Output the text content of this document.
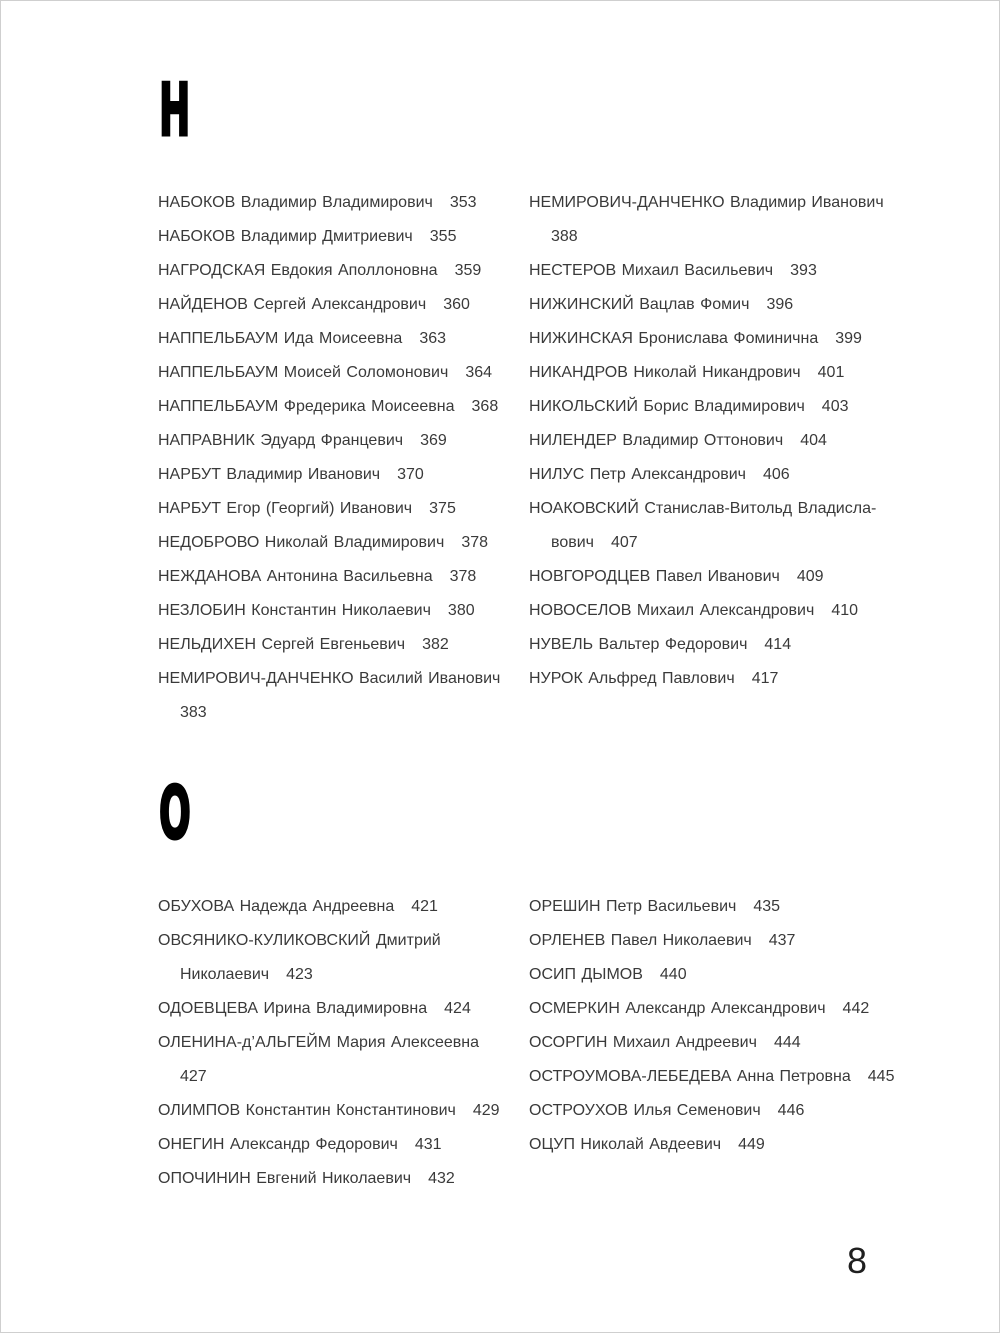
Н
НАБОКОВ Владимир Владимирович 353
НАБОКОВ Владимир Дмитриевич 355
НАГРОДСКАЯ Евдокия Аполлоновна 359
НАЙДЕНОВ Сергей Александрович 360
НАППЕЛЬБАУМ Ида Моисеевна 363
НАППЕЛЬБАУМ Моисей Соломонович 364
НАППЕЛЬБАУМ Фредерика Моисеевна 368
НАПРАВНИК Эдуард Францевич 369
НАРБУТ Владимир Иванович 370
НАРБУТ Егор (Георгий) Иванович 375
НЕДОБРОВО Николай Владимирович 378
НЕЖДАНОВА Антонина Васильевна 378
НЕЗЛОБИН Константин Николаевич 380
НЕЛЬДИХЕН Сергей Евгеньевич 382
НЕМИРОВИЧ-ДАНЧЕНКО Василий Иванович
383
НЕМИРОВИЧ-ДАНЧЕНКО Владимир Иванович
388
НЕСТЕРОВ Михаил Васильевич 393
НИЖИНСКИЙ Вацлав Фомич 396
НИЖИНСКАЯ Бронислава Фоминична 399
НИКАНДРОВ Николай Никандрович 401
НИКОЛЬСКИЙ Борис Владимирович 403
НИЛЕНДЕР Владимир Оттонович 404
НИЛУС Петр Александрович 406
НОАКОВСКИЙ Станислав-Витольд Владисла-
вович 407
НОВГОРОДЦЕВ Павел Иванович 409
НОВОСЕЛОВ Михаил Александрович 410
НУВЕЛЬ Вальтер Федорович 414
НУРОК Альфред Павлович 417
О
ОБУХОВА Надежда Андреевна 421
ОВСЯНИКО-КУЛИКОВСКИЙ Дмитрий
Николаевич 423
ОДОЕВЦЕВА Ирина Владимировна 424
ОЛЕНИНА-д’АЛЬГЕЙМ Мария Алексеевна
427
ОЛИМПОВ Константин Константинович 429
ОНЕГИН Александр Федорович 431
ОПОЧИНИН Евгений Николаевич 432
ОРЕШИН Петр Васильевич 435
ОРЛЕНЕВ Павел Николаевич 437
ОСИП ДЫМОВ 440
ОСМЕРКИН Александр Александрович 442
ОСОРГИН Михаил Андреевич 444
ОСТРОУМОВА-ЛЕБЕДЕВА Анна Петровна 445
ОСТРОУХОВ Илья Семенович 446
ОЦУП Николай Авдеевич 449
8
